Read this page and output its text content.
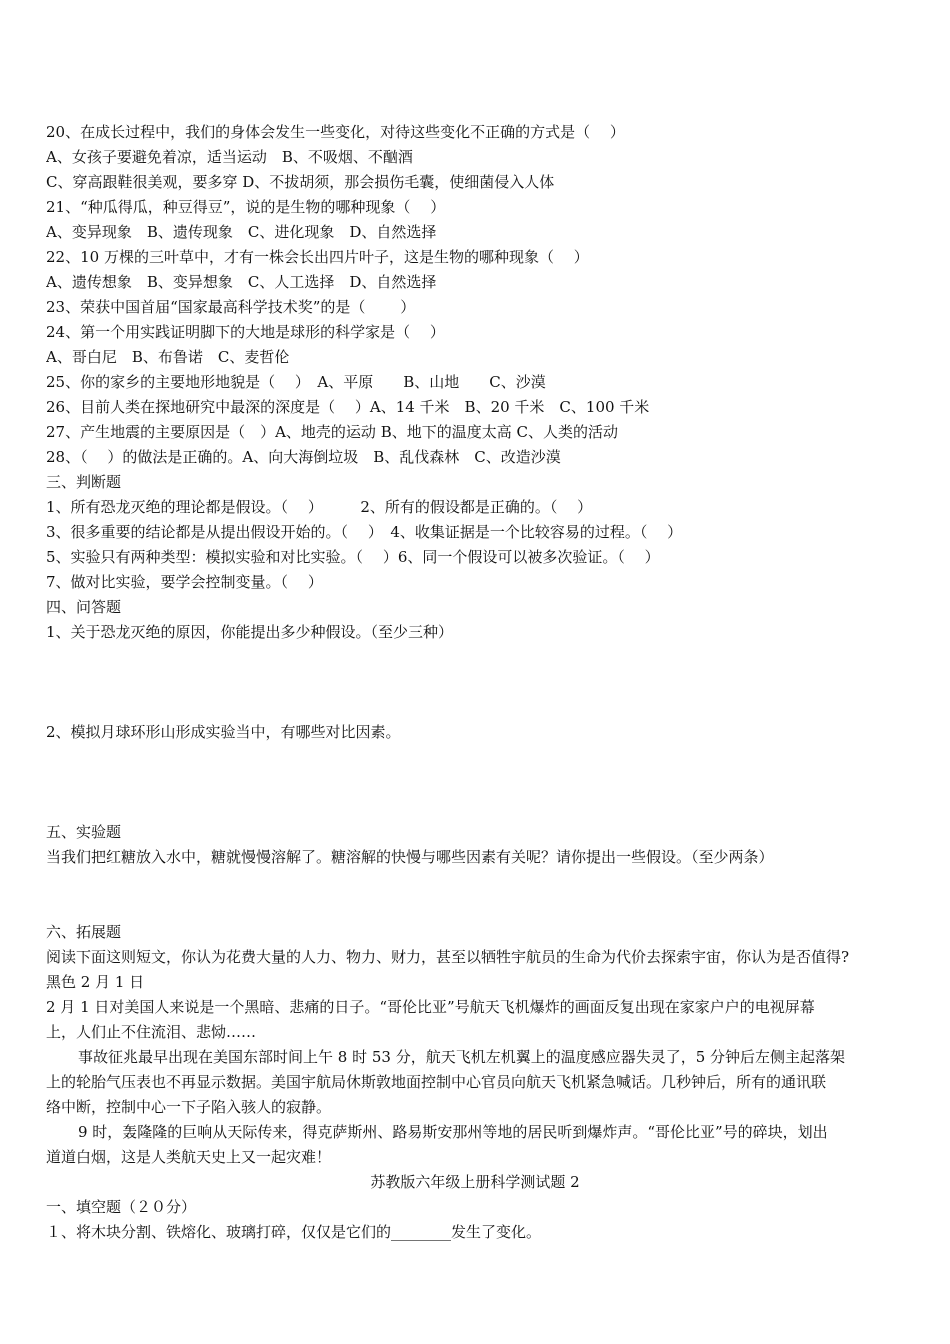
20、在成长过程中，我们的身体会发生一些变化，对待这些变化不正确的方式是（　 ）
A、女孩子要避免着凉，适当运动　B、不吸烟、不酗酒
C、穿高跟鞋很美观，要多穿 D、不拔胡须，那会损伤毛囊，使细菌侵入人体
21、“种瓜得瓜，种豆得豆”，说的是生物的哪种现象（　 ）
A、变异现象　B、遗传现象　C、进化现象　D、自然选择
22、10 万棵的三叶草中，才有一株会长出四片叶子，这是生物的哪种现象（　 ）
A、遗传想象　B、变异想象　C、人工选择　D、自然选择
23、荣获中国首届“国家最高科学技术奖”的是（　　 ）
24、第一个用实践证明脚下的大地是球形的科学家是（　 ）
A、哥白尼　B、布鲁诺　C、麦哲伦
25、你的家乡的主要地形地貌是（　 ）　A、平原　　B、山地　　C、沙漠
26、目前人类在探地研究中最深的深度是（　 ）A、14 千米　B、20 千米　C、100 千米
27、产生地震的主要原因是（　）A、地壳的运动 B、地下的温度太高 C、人类的活动
28、（　 ）的做法是正确的。A、向大海倒垃圾　B、乱伐森林　C、改造沙漠
三、判断题
1、所有恐龙灭绝的理论都是假设。（　 ）　　　2、所有的假设都是正确的。（　 ）
3、很多重要的结论都是从提出假设开始的。（　 ）　4、收集证据是一个比较容易的过程。（　 ）
5、实验只有两种类型：模拟实验和对比实验。（　 ）6、同一个假设可以被多次验证。（　 ）
7、做对比实验，要学会控制变量。（　 ）
四、问答题
1、关于恐龙灭绝的原因，你能提出多少种假设。（至少三种）
2、模拟月球环形山形成实验当中，有哪些对比因素。
五、实验题
当我们把红糖放入水中，糖就慢慢溶解了。糖溶解的快慢与哪些因素有关呢？请你提出一些假设。（至少两条）
六、拓展题
阅读下面这则短文，你认为花费大量的人力、物力、财力，甚至以牺牲宇航员的生命为代价去探索宇宙，你认为是否值得?
黑色 2 月 1 日
2 月 1 日对美国人来说是一个黑暗、悲痛的日子。“哥伦比亚”号航天飞机爆炸的画面反复出现在家家户户的电视屏幕
上，人们止不住流泪、悲恸……
事故征兆最早出现在美国东部时间上午 8 时 53 分，航天飞机左机翼上的温度感应器失灵了，5 分钟后左侧主起落架
上的轮胎气压表也不再显示数据。美国宇航局休斯敦地面控制中心官员向航天飞机紧急喊话。几秒钟后，所有的通讯联
络中断，控制中心一下子陷入骇人的寂静。
9 时，轰隆隆的巨响从天际传来，得克萨斯州、路易斯安那州等地的居民听到爆炸声。“哥伦比亚”号的碎块，划出
道道白烟，这是人类航天史上又一起灾难！
苏教版六年级上册科学测试题 2
一、填空题（２０分）
１、将木块分割、铁熔化、玻璃打碎，仅仅是它们的________发生了变化。
